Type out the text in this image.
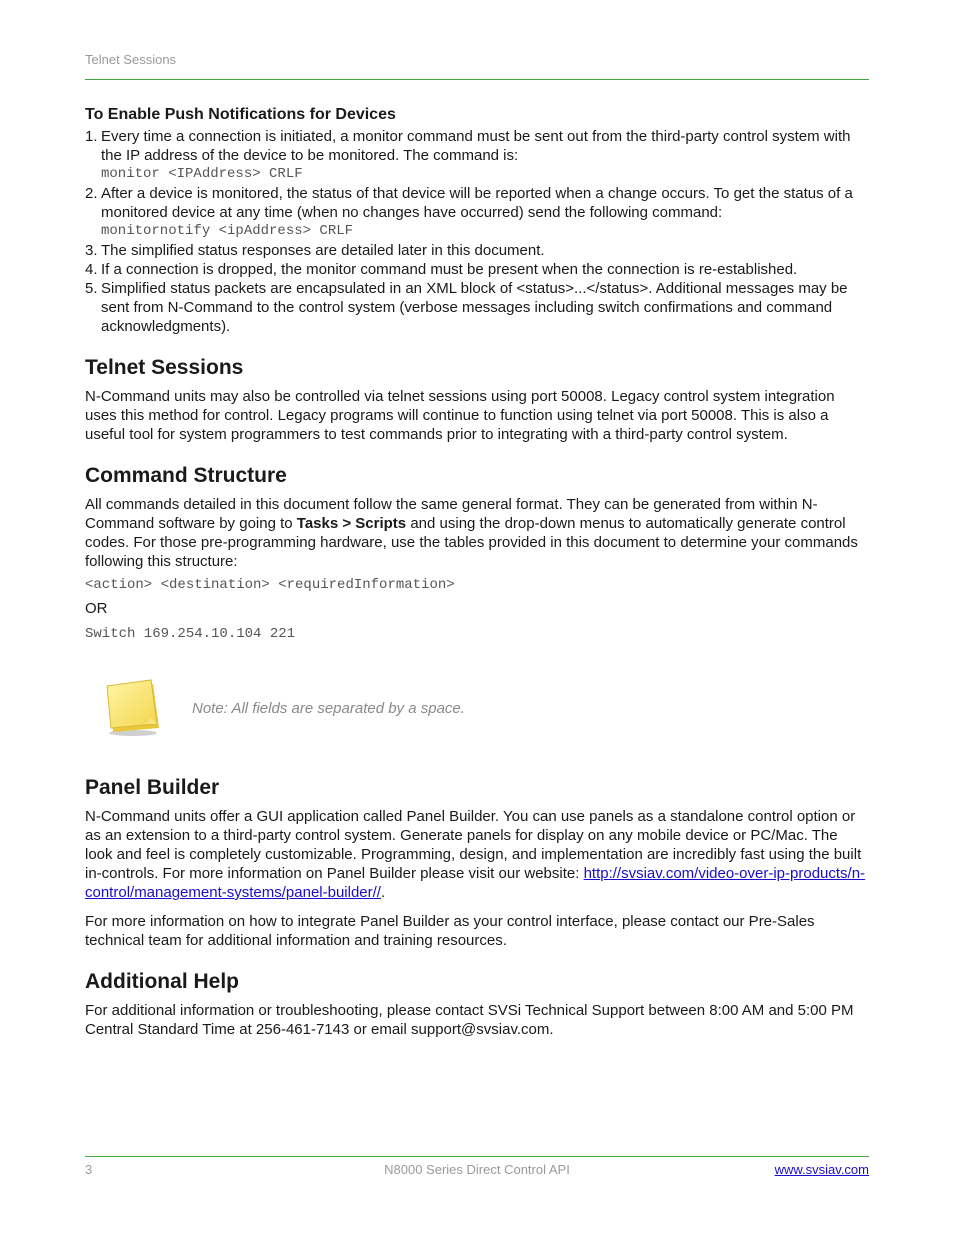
Telnet Sessions
To Enable Push Notifications for Devices
1. Every time a connection is initiated, a monitor command must be sent out from the third-party control system with the IP address of the device to be monitored. The command is:
monitor <IPAddress> CRLF
2. After a device is monitored, the status of that device will be reported when a change occurs. To get the status of a monitored device at any time (when no changes have occurred) send the following command:
monitornotify <ipAddress> CRLF
3. The simplified status responses are detailed later in this document.
4. If a connection is dropped, the monitor command must be present when the connection is re-established.
5. Simplified status packets are encapsulated in an XML block of <status>...</status>. Additional messages may be sent from N-Command to the control system (verbose messages including switch confirmations and command acknowledgments).
Telnet Sessions

N-Command units may also be controlled via telnet sessions using port 50008. Legacy control system integration uses this method for control. Legacy programs will continue to function using telnet via port 50008. This is also a useful tool for system programmers to test commands prior to integrating with a third-party control system.

Command Structure

All commands detailed in this document follow the same general format. They can be generated from within N-Command software by going to Tasks > Scripts and using the drop-down menus to automatically generate control codes. For those pre-programming hardware, use the tables provided in this document to determine your commands following this structure:

<action> <destination> <requiredInformation>

OR

Switch 169.254.10.104 221
Note: All fields are separated by a space.
Panel Builder

N-Command units offer a GUI application called Panel Builder. You can use panels as a standalone control option or as an extension to a third-party control system. Generate panels for display on any mobile device or PC/Mac. The look and feel is completely customizable. Programming, design, and implementation are incredibly fast using the built in-controls. For more information on Panel Builder please visit our website: http://svsiav.com/video-over-ip-products/n-control/management-systems/panel-builder//.

For more information on how to integrate Panel Builder as your control interface, please contact our Pre-Sales technical team for additional information and training resources.

Additional Help

For additional information or troubleshooting, please contact SVSi Technical Support between 8:00 AM and 5:00 PM Central Standard Time at 256-461-7143 or email support@svsiav.com.

N8000 Series Direct Control API
3	www.svsiav.com
